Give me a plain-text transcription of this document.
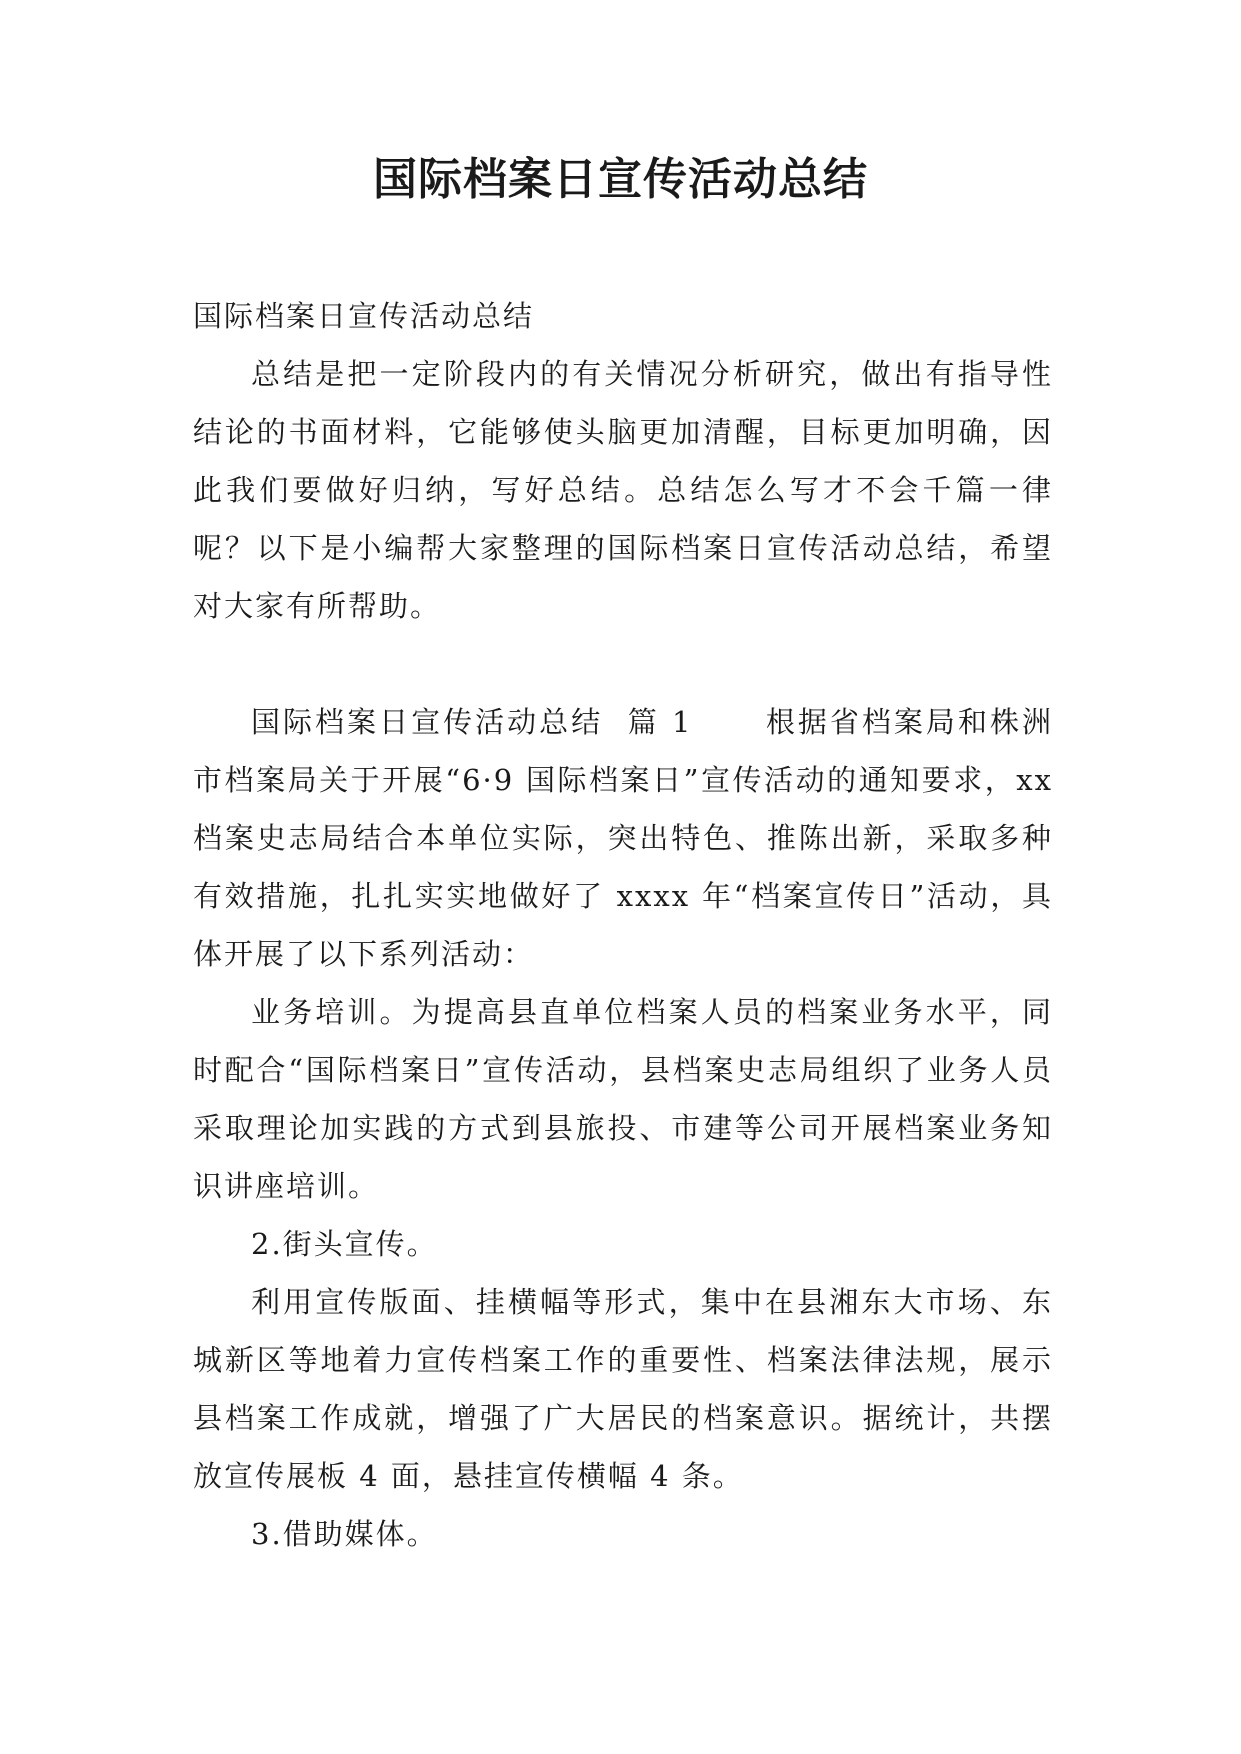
国际档案日宣传活动总结

国际档案日宣传活动总结

总结是把一定阶段内的有关情况分析研究，做出有指导性结论的书面材料，它能够使头脑更加清醒，目标更加明确，因此我们要做好归纳，写好总结。总结怎么写才不会千篇一律呢？以下是小编帮大家整理的国际档案日宣传活动总结，希望对大家有所帮助。

国际档案日宣传活动总结  篇 1      根据省档案局和株洲市档案局关于开展“6·9 国际档案日”宣传活动的通知要求，xx 档案史志局结合本单位实际，突出特色、推陈出新，采取多种有效措施，扎扎实实地做好了 xxxx 年“档案宣传日”活动，具体开展了以下系列活动：

业务培训。为提高县直单位档案人员的档案业务水平，同时配合“国际档案日”宣传活动，县档案史志局组织了业务人员采取理论加实践的方式到县旅投、市建等公司开展档案业务知识讲座培训。

2.街头宣传。

利用宣传版面、挂横幅等形式，集中在县湘东大市场、东城新区等地着力宣传档案工作的重要性、档案法律法规，展示县档案工作成就，增强了广大居民的档案意识。据统计，共摆放宣传展板 4 面，悬挂宣传横幅 4 条。

3.借助媒体。
